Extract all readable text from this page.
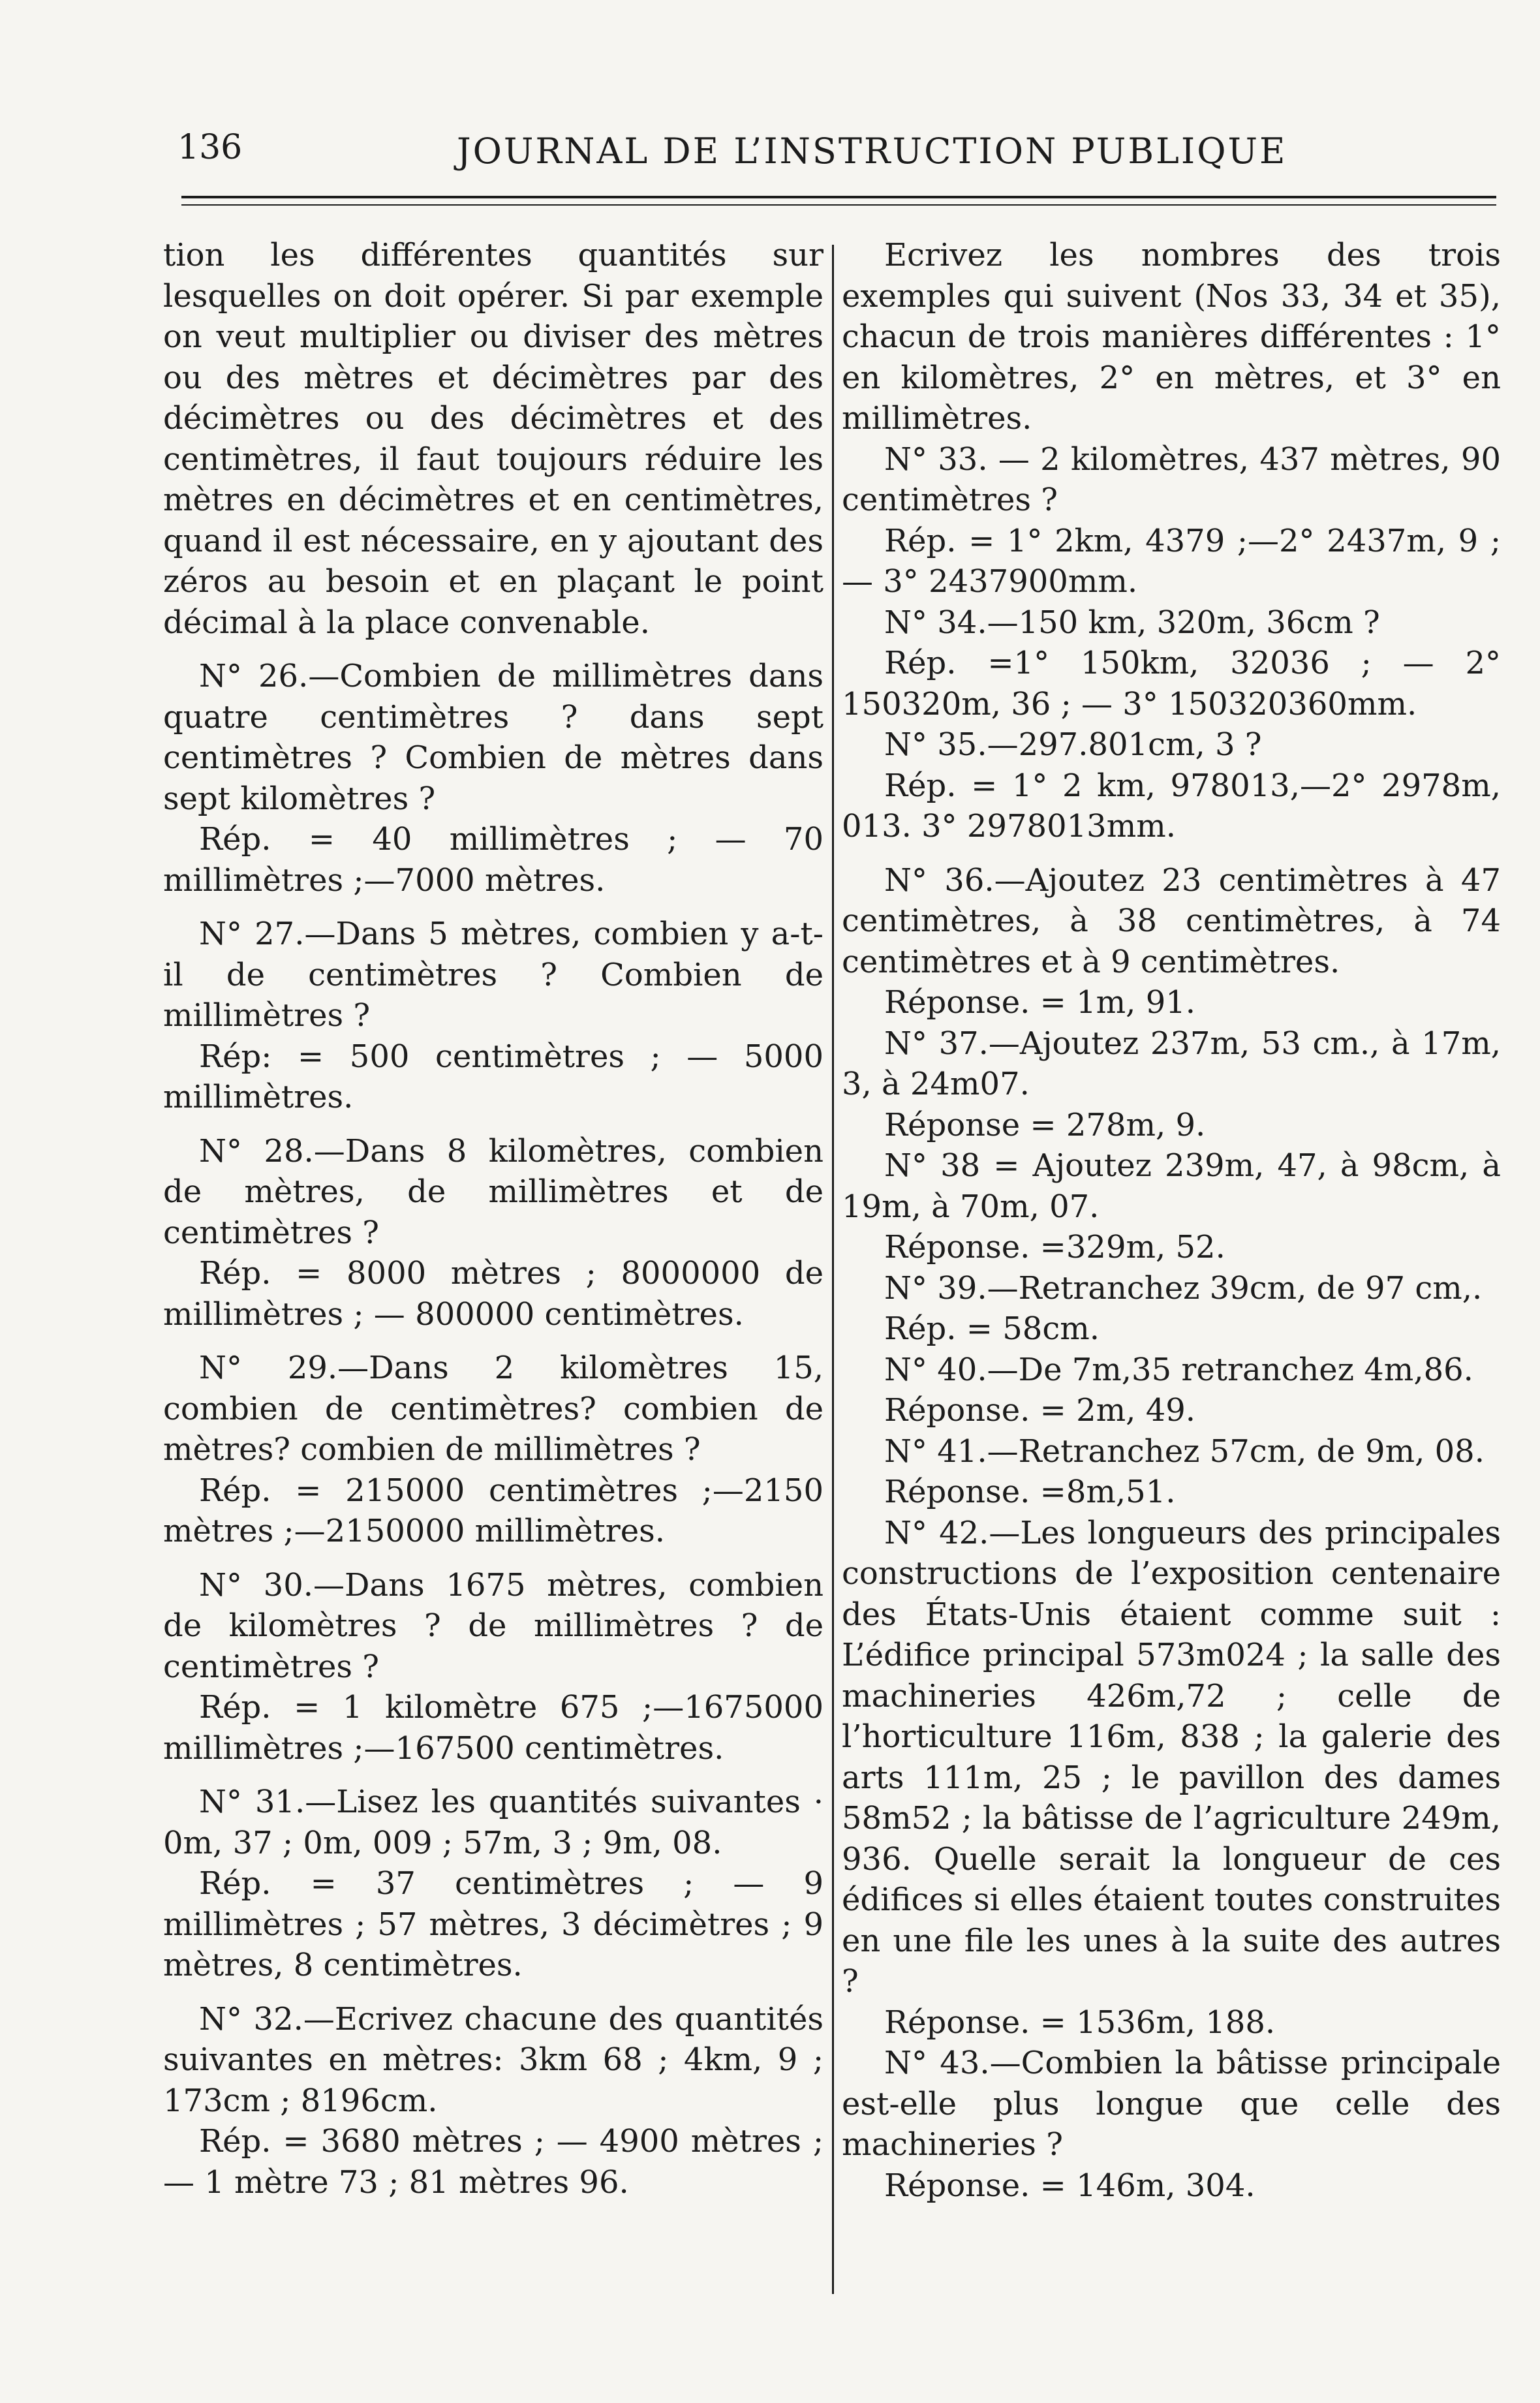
136	JOURNAL DE L’INSTRUCTION PUBLIQUE

tion les différentes quantités sur lesquelles on doit opérer. Si par exemple on veut multiplier ou diviser des mètres ou des mètres et décimètres par des décimètres ou des décimètres et des centimètres, il faut toujours réduire les mètres en décimètres et en centimètres, quand il est nécessaire, en y ajoutant des zéros au besoin et en plaçant le point décimal à la place convenable.

N° 26.—Combien de millimètres dans quatre centimètres ? dans sept centimètres ? Combien de mètres dans sept kilomètres ?

Rép. = 40 millimètres ; — 70 millimètres ;—7000 mètres.

N° 27.—Dans 5 mètres, combien y a-t-il de centimètres ? Combien de millimètres ?

Rép: = 500 centimètres ; — 5000 millimètres.

N° 28.—Dans 8 kilomètres, combien de mètres, de millimètres et de centimètres ?

Rép. = 8000 mètres ; 8000000 de millimètres ; — 800000 centimètres.

N° 29.—Dans 2 kilomètres 15, combien de centimètres? combien de mètres? combien de millimètres ?

Rép. = 215000 centimètres ;—2150 mètres ;—2150000 millimètres.

N° 30.—Dans 1675 mètres, combien de kilomètres ? de millimètres ? de centimètres ?

Rép. = 1 kilomètre 675 ;—1675000 millimètres ;—167500 centimètres.

N° 31.—Lisez les quantités suivantes · 0m, 37 ; 0m, 009 ; 57m, 3 ; 9m, 08.

Rép. = 37 centimètres ; — 9 millimètres ; 57 mètres, 3 décimètres ; 9 mètres, 8 centimètres.

N° 32.—Ecrivez chacune des quantités suivantes en mètres: 3km 68 ; 4km, 9 ; 173cm ; 8196cm.

Rép. = 3680 mètres ; — 4900 mètres ;— 1 mètre 73 ; 81 mètres 96.

Ecrivez les nombres des trois exemples qui suivent (Nos 33, 34 et 35), chacun de trois manières différentes : 1° en kilomètres, 2° en mètres, et 3° en millimètres.

N° 33. — 2 kilomètres, 437 mètres, 90 centimètres ?

Rép. = 1° 2km, 4379 ;—2° 2437m, 9 ; — 3° 2437900mm.

N° 34.—150 km, 320m, 36cm ?

Rép. =1° 150km, 32036 ; — 2° 150320m, 36 ; — 3° 150320360mm.

N° 35.—297.801cm, 3 ?

Rép. = 1° 2 km, 978013,—2° 2978m, 013. 3° 2978013mm.

N° 36.—Ajoutez 23 centimètres à 47 centimètres, à 38 centimètres, à 74 centimètres et à 9 centimètres.

Réponse. = 1m, 91.

N° 37.—Ajoutez 237m, 53 cm., à 17m, 3, à 24m07.

Réponse = 278m, 9.

N° 38 = Ajoutez 239m, 47, à 98cm, à 19m, à 70m, 07.

Réponse. =329m, 52.

N° 39.—Retranchez 39cm, de 97 cm,.

Rép. = 58cm.

N° 40.—De 7m,35 retranchez 4m,86.

Réponse. = 2m, 49.

N° 41.—Retranchez 57cm, de 9m, 08.

Réponse. =8m,51.

N° 42.—Les longueurs des principales constructions de l’exposition centenaire des États-Unis étaient comme suit : L’édifice principal 573m024 ; la salle des machineries 426m,72 ; celle de l’horticulture 116m, 838 ; la galerie des arts 111m, 25 ; le pavillon des dames 58m52 ; la bâtisse de l’agriculture 249m, 936. Quelle serait la longueur de ces édifices si elles étaient toutes construites en une file les unes à la suite des autres ?

Réponse. = 1536m, 188.

N° 43.—Combien la bâtisse principale est-elle plus longue que celle des machineries ?

Réponse. = 146m, 304.
